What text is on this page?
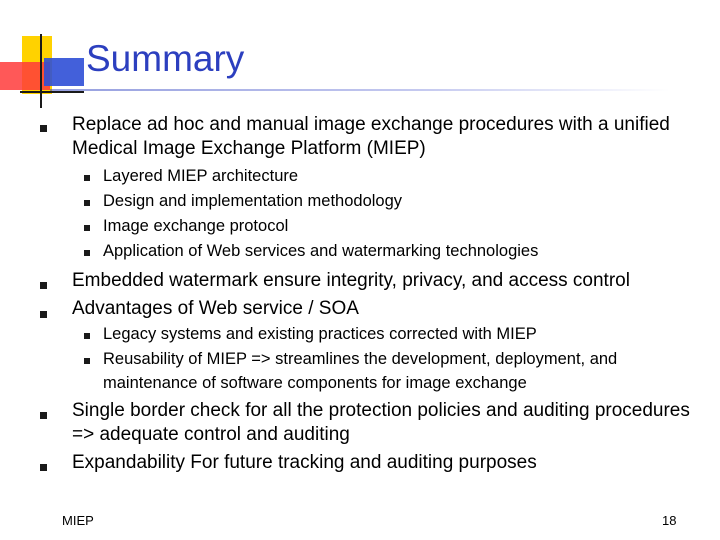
Summary
Replace ad hoc and manual image exchange procedures with a unified Medical Image Exchange Platform (MIEP)
Layered MIEP architecture
Design and implementation methodology
Image exchange protocol
Application of Web services and watermarking technologies
Embedded watermark ensure integrity, privacy, and access control
Advantages of Web service / SOA
Legacy systems and existing practices corrected with MIEP
Reusability of MIEP => streamlines the development, deployment, and maintenance of software components for image exchange
Single border check for all the protection policies and auditing procedures => adequate control and auditing
Expandability For future tracking and auditing purposes
MIEP	18
